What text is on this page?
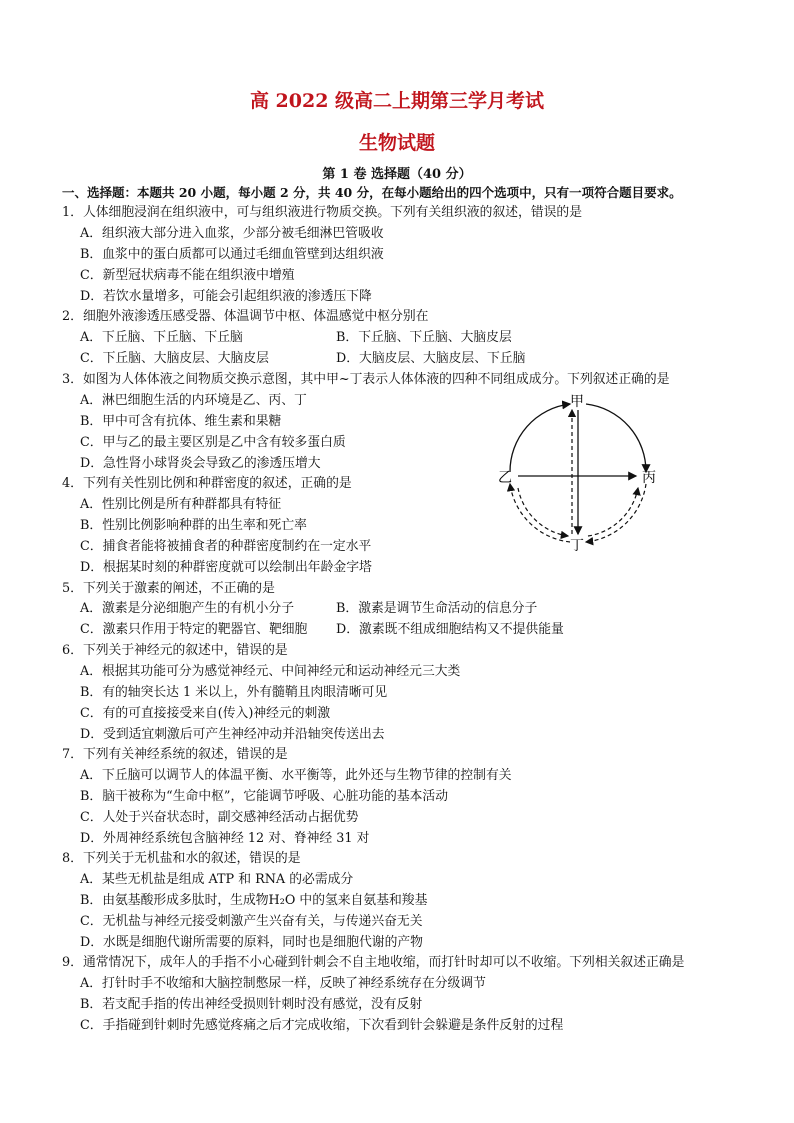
高 2022 级高二上期第三学月考试
生物试题
第 1 卷 选择题（40 分）
一、选择题：本题共 20 小题，每小题 2 分，共 40 分，在每小题给出的四个选项中，只有一项符合题目要求。
1．人体细胞浸润在组织液中，可与组织液进行物质交换。下列有关组织液的叙述，错误的是
A．组织液大部分进入血浆，少部分被毛细淋巴管吸收
B．血浆中的蛋白质都可以通过毛细血管壁到达组织液
C．新型冠状病毒不能在组织液中增殖
D．若饮水量增多，可能会引起组织液的渗透压下降
2．细胞外液渗透压感受器、体温调节中枢、体温感觉中枢分别在
A．下丘脑、下丘脑、下丘脑	B．下丘脑、下丘脑、大脑皮层
C．下丘脑、大脑皮层、大脑皮层	D．大脑皮层、大脑皮层、下丘脑
3．如图为人体体液之间物质交换示意图，其中甲~丁表示人体体液的四种不同组成成分。下列叙述正确的是
A．淋巴细胞生活的内环境是乙、丙、丁
B．甲中可含有抗体、维生素和果糖
C．甲与乙的最主要区别是乙中含有较多蛋白质
D．急性肾小球肾炎会导致乙的渗透压增大
甲
乙	丙
丁
4．下列有关性别比例和种群密度的叙述，正确的是
A．性别比例是所有种群都具有特征
B．性别比例影响种群的出生率和死亡率
C．捕食者能将被捕食者的种群密度制约在一定水平
D．根据某时刻的种群密度就可以绘制出年龄金字塔
5．下列关于激素的阐述，不正确的是
A．激素是分泌细胞产生的有机小分子	B．激素是调节生命活动的信息分子
C．激素只作用于特定的靶器官、靶细胞 D．激素既不组成细胞结构又不提供能量
6．下列关于神经元的叙述中，错误的是
A．根据其功能可分为感觉神经元、中间神经元和运动神经元三大类
B．有的轴突长达 1 米以上，外有髓鞘且肉眼清晰可见
C．有的可直接接受来自(传入)神经元的刺激
D．受到适宜刺激后可产生神经冲动并沿轴突传送出去
7．下列有关神经系统的叙述，错误的是
A．下丘脑可以调节人的体温平衡、水平衡等，此外还与生物节律的控制有关
B．脑干被称为“生命中枢”，它能调节呼吸、心脏功能的基本活动
C．人处于兴奋状态时，副交感神经活动占据优势
D．外周神经系统包含脑神经 12 对、脊神经 31 对
8．下列关于无机盐和水的叙述，错误的是
A．某些无机盐是组成 ATP 和 RNA 的必需成分
B．由氨基酸形成多肽时，生成物H₂O 中的氢来自氨基和羧基
C．无机盐与神经元接受刺激产生兴奋有关，与传递兴奋无关
D．水既是细胞代谢所需要的原料，同时也是细胞代谢的产物
9．通常情况下，成年人的手指不小心碰到针刺会不自主地收缩，而打针时却可以不收缩。下列相关叙述正确是
A．打针时手不收缩和大脑控制憋尿一样，反映了神经系统存在分级调节
B．若支配手指的传出神经受损则针刺时没有感觉，没有反射
C．手指碰到针刺时先感觉疼痛之后才完成收缩，下次看到针会躲避是条件反射的过程
